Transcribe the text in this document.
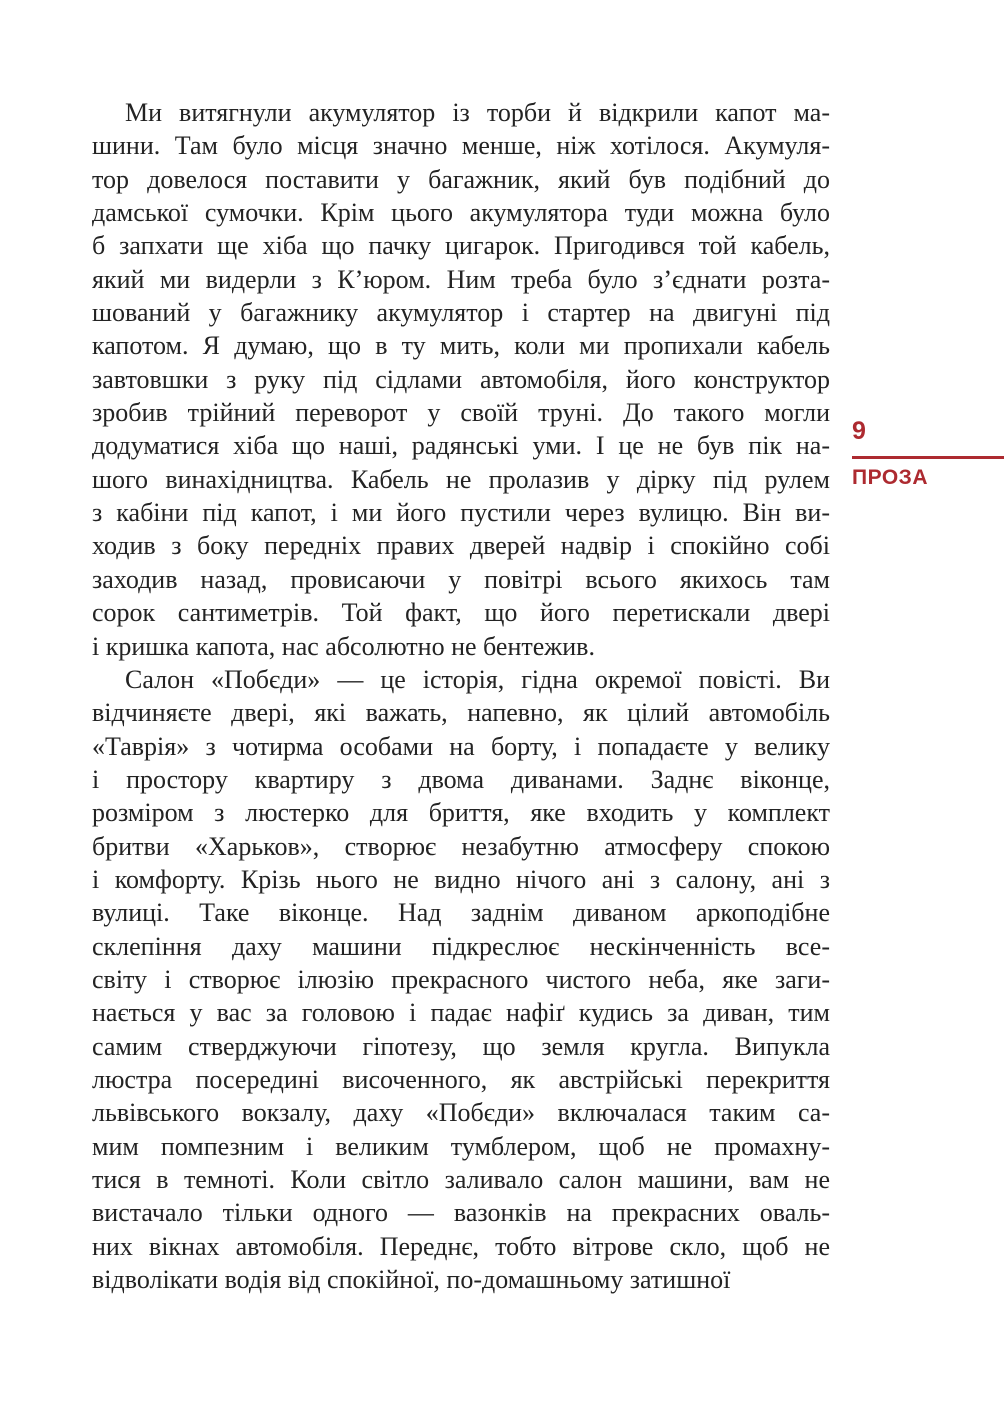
Ми витягнули акумулятор із торби й відкрили капот ма-
шини. Там було місця значно менше, ніж хотілося. Акумуля-
тор довелося поставити у багажник, який був подібний до
дамської сумочки. Крім цього акумулятора туди можна було
б запхати ще хіба що пачку цигарок. Пригодився той кабель,
який ми видерли з К’юром. Ним треба було з’єднати розта-
шований у багажнику акумулятор і стартер на двигуні під
капотом. Я думаю, що в ту мить, коли ми пропихали кабель
завтовшки з руку під сідлами автомобіля, його конструктор
зробив трійний переворот у своїй труні. До такого могли
додуматися хіба що наші, радянські уми. І це не був пік на-
шого винахідництва. Кабель не пролазив у дірку під рулем
з кабіни під капот, і ми його пустили через вулицю. Він ви-
ходив з боку передніх правих дверей надвір і спокійно собі
заходив назад, провисаючи у повітрі всього якихось там
сорок сантиметрів. Той факт, що його перетискали двері
і кришка капота, нас абсолютно не бентежив.

Салон «Побєди» — це історія, гідна окремої повісті. Ви
відчиняєте двері, які важать, напевно, як цілий автомобіль
«Таврія» з чотирма особами на борту, і попадаєте у велику
і простору квартиру з двома диванами. Заднє віконце,
розміром з люстерко для бриття, яке входить у комплект
бритви «Харьков», створює незабутню атмосферу спокою
і комфорту. Крізь нього не видно нічого ані з салону, ані з
вулиці. Таке віконце. Над заднім диваном аркоподібне
склепіння даху машини підкреслює нескінченність все-
світу і створює ілюзію прекрасного чистого неба, яке заги-
нається у вас за головою і падає нафіґ кудись за диван, тим
самим стверджуючи гіпотезу, що земля кругла. Випукла
люстра посередині височенного, як австрійські перекриття
львівського вокзалу, даху «Побєди» включалася таким са-
мим помпезним і великим тумблером, щоб не промахну-
тися в темноті. Коли світло заливало салон машини, вам не
вистачало тільки одного — вазонків на прекрасних оваль-
них вікнах автомобіля. Переднє, тобто вітрове скло, щоб не
відволікати водія від спокійної, по-домашньому затишної

9
ПРОЗА
